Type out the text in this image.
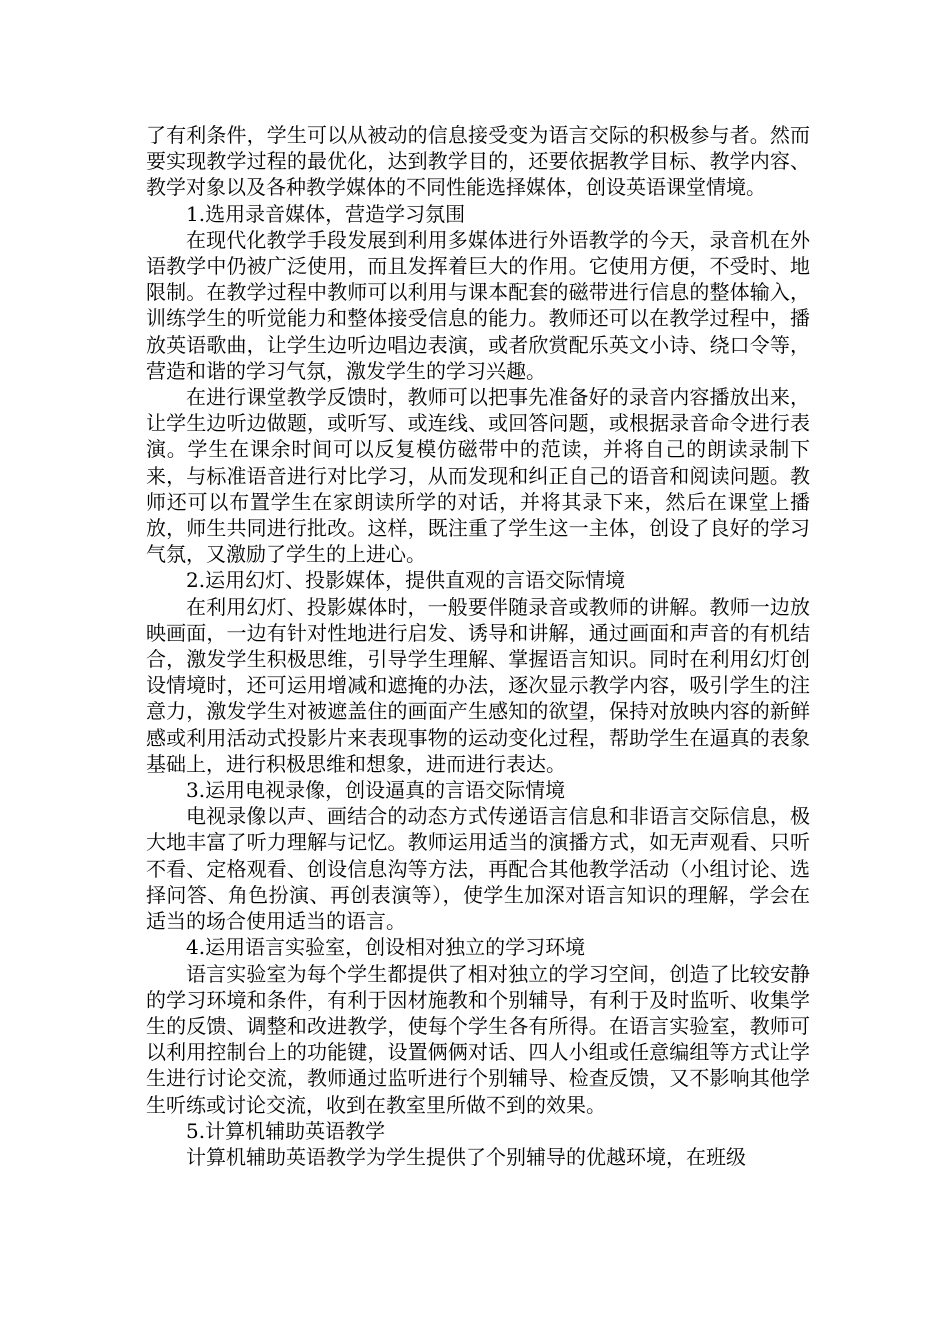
了有利条件，学生可以从被动的信息接受变为语言交际的积极参与者。然而要实现教学过程的最优化，达到教学目的，还要依据教学目标、教学内容、教学对象以及各种教学媒体的不同性能选择媒体，创设英语课堂情境。

1.选用录音媒体，营造学习氛围

在现代化教学手段发展到利用多媒体进行外语教学的今天，录音机在外语教学中仍被广泛使用，而且发挥着巨大的作用。它使用方便，不受时、地限制。在教学过程中教师可以利用与课本配套的磁带进行信息的整体输入，训练学生的听觉能力和整体接受信息的能力。教师还可以在教学过程中，播放英语歌曲，让学生边听边唱边表演，或者欣赏配乐英文小诗、绕口令等，营造和谐的学习气氛，激发学生的学习兴趣。

在进行课堂教学反馈时，教师可以把事先准备好的录音内容播放出来，让学生边听边做题，或听写、或连线、或回答问题，或根据录音命令进行表演。学生在课余时间可以反复模仿磁带中的范读，并将自己的朗读录制下来，与标准语音进行对比学习，从而发现和纠正自己的语音和阅读问题。教师还可以布置学生在家朗读所学的对话，并将其录下来，然后在课堂上播放，师生共同进行批改。这样，既注重了学生这一主体，创设了良好的学习气氛，又激励了学生的上进心。

2.运用幻灯、投影媒体，提供直观的言语交际情境

在利用幻灯、投影媒体时，一般要伴随录音或教师的讲解。教师一边放映画面，一边有针对性地进行启发、诱导和讲解，通过画面和声音的有机结合，激发学生积极思维，引导学生理解、掌握语言知识。同时在利用幻灯创设情境时，还可运用增减和遮掩的办法，逐次显示教学内容，吸引学生的注意力，激发学生对被遮盖住的画面产生感知的欲望，保持对放映内容的新鲜感或利用活动式投影片来表现事物的运动变化过程，帮助学生在逼真的表象基础上，进行积极思维和想象，进而进行表达。

3.运用电视录像，创设逼真的言语交际情境

电视录像以声、画结合的动态方式传递语言信息和非语言交际信息，极大地丰富了听力理解与记忆。教师运用适当的演播方式，如无声观看、只听不看、定格观看、创设信息沟等方法，再配合其他教学活动（小组讨论、选择问答、角色扮演、再创表演等），使学生加深对语言知识的理解，学会在适当的场合使用适当的语言。

4.运用语言实验室，创设相对独立的学习环境

语言实验室为每个学生都提供了相对独立的学习空间，创造了比较安静的学习环境和条件，有利于因材施教和个别辅导，有利于及时监听、收集学生的反馈、调整和改进教学，使每个学生各有所得。在语言实验室，教师可以利用控制台上的功能键，设置俩俩对话、四人小组或任意编组等方式让学生进行讨论交流，教师通过监听进行个别辅导、检查反馈，又不影响其他学生听练或讨论交流，收到在教室里所做不到的效果。

5.计算机辅助英语教学

计算机辅助英语教学为学生提供了个别辅导的优越环境，在班级
